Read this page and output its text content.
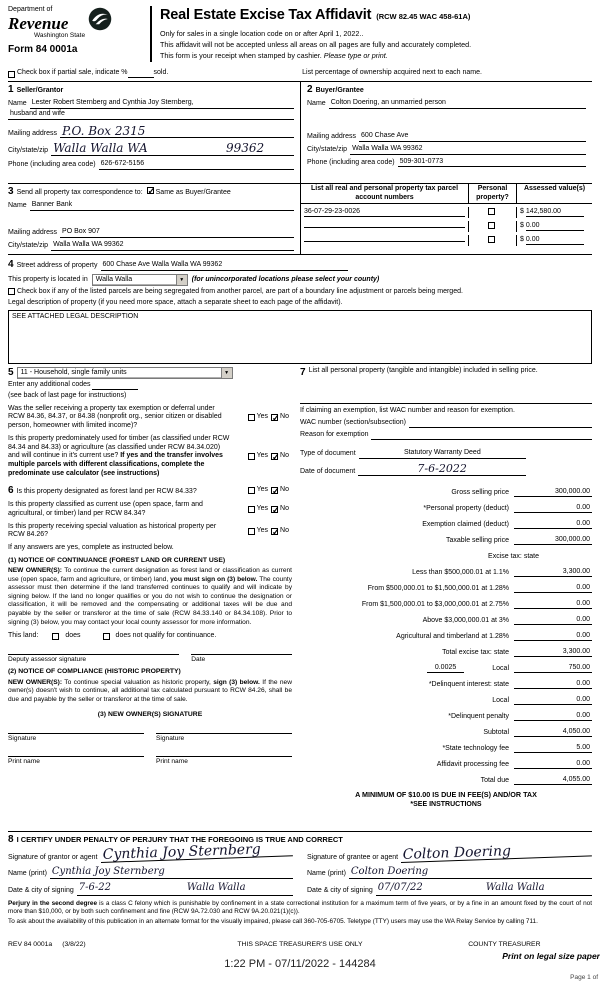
Department of
Revenue
Washington State
Form 84 0001a
Real Estate Excise Tax Affidavit (RCW 82.45 WAC 458-61A)
Only for sales in a single location code on or after April 1, 2022..
This affidavit will not be accepted unless all areas on all pages are fully and accurately completed.
This form is your receipt when stamped by cashier. Please type or print.
Check box if partial sale, indicate %	sold.	List percentage of ownership acquired next to each name.
1 Seller/Grantor
Name Lester Robert Sternberg and Cynthia Joy Sternberg,
husband and wife
Mailing address P.O. Box 2315
City/state/zip Walla Walla WA	99362
Phone (including area code) 626-672-5156
2 Buyer/Grantee
Name Colton Doering, an unmarried person
Mailing address 600 Chase Ave
City/state/zip Walla Walla WA 99362
Phone (including area code) 509-301-0773
3 Send all property tax correspondence to: ✓ Same as Buyer/Grantee
Name Banner Bank
Mailing address PO Box 907
City/state/zip Walla Walla WA 99362
List all real and personal property tax parcel account numbers
Personal property?
Assessed value(s)
36-07-29-23-0026	$ 142,580.00
$ 0.00
$ 0.00
4 Street address of property 600 Chase Ave Walla Walla WA 99362
This property is located in	Walla Walla	▼	(for unincorporated locations please select your county)
Check box if any of the listed parcels are being segregated from another parcel, are part of a boundary line adjustment or parcels being merged.
Legal description of property (if you need more space, attach a separate sheet to each page of the affidavit).
SEE ATTACHED LEGAL DESCRIPTION
5	11 - Household, single family units	▼
Enter any additional codes
(see back of last page for instructions)
Was the seller receiving a property tax exemption or deferral under RCW 84.36, 84.37, or 84.38 (nonprofit org., senior citizen or disabled person, homeowner with limited income)?
Yes ✓ No
Is this property predominately used for timber (as classified under RCW 84.34 and 84.33) or agriculture (as classified under RCW 84.34.020) and will continue in it's current use? If yes and the transfer involves multiple parcels with different classifications, complete the predominate use calculator (see instructions)
Yes ✓ No
6 Is this property designated as forest land per RCW 84.33?	Yes ✓ No
Is this property classified as current use (open space, farm and agricultural, or timber) land per RCW 84.34?
Yes ✓ No
Is this property receiving special valuation as historical property per RCW 84.26?
Yes ✓ No
If any answers are yes, complete as instructed below.
(1) NOTICE OF CONTINUANCE (FOREST LAND OR CURRENT USE)
NEW OWNER(S): To continue the current designation as forest land or classification as current use (open space, farm and agriculture, or timber) land, you must sign on (3) below. The county assessor must then determine if the land transferred continues to qualify and will indicate by signing below. If the land no longer qualifies or you do not wish to continue the designation or classification, it will be removed and the compensating or additional taxes will be due and payable by the seller or transferor at the time of sale (RCW 84.33.140 or 84.34.108). Prior to signing (3) below, you may contact your local county assessor for more information.
This land:	does	does not qualify for continuance.
Deputy assessor signature	Date
(2) NOTICE OF COMPLIANCE (HISTORIC PROPERTY)
NEW OWNER(S): To continue special valuation as historic property, sign (3) below. If the new owner(s) doesn't wish to continue, all additional tax calculated pursuant to RCW 84.26, shall be due and payable by the seller or transferor at the time of sale.
(3) NEW OWNER(S) SIGNATURE
Signature	Signature
Print name	Print name
7 List all personal property (tangible and intangible) included in selling price.
If claiming an exemption, list WAC number and reason for exemption.
WAC number (section/subsection)
Reason for exemption
Type of document	Statutory Warranty Deed
Date of document	7-6-2022
Gross selling price	300,000.00
*Personal property (deduct)	0.00
Exemption claimed (deduct)	0.00
Taxable selling price	300,000.00
Excise tax: state
Less than $500,000.01 at 1.1%	3,300.00
From $500,000.01 to $1,500,000.01 at 1.28%	0.00
From $1,500,000.01 to $3,000,000.01 at 2.75%	0.00
Above $3,000,000.01 at 3%	0.00
Agricultural and timberland at 1.28%	0.00
Total excise tax: state	3,300.00
0.0025	Local	750.00
*Delinquent interest: state	0.00
Local	0.00
*Delinquent penalty	0.00
Subtotal	4,050.00
*State technology fee	5.00
Affidavit processing fee	0.00
Total due	4,055.00
A MINIMUM OF $10.00 IS DUE IN FEE(S) AND/OR TAX
*SEE INSTRUCTIONS
8 I CERTIFY UNDER PENALTY OF PERJURY THAT THE FOREGOING IS TRUE AND CORRECT
Signature of grantor or agent Cynthia Joy Sternberg
Name (print) Cynthia Joy Sternberg
Date & city of signing 7-6-22	Walla Walla
Signature of grantee or agent Colton Doering
Name (print) Colton Doering
Date & city of signing 07/07/22	Walla Walla
Perjury in the second degree is a class C felony which is punishable by confinement in a state correctional institution for a maximum term of five years, or by a fine in an amount fixed by the court of not more than $10,000, or by both such confinement and fine (RCW 9A.72.030 and RCW 9A.20.021(1)(c)).
To ask about the availability of this publication in an alternate format for the visually impaired, please call 360-705-6705. Teletype (TTY) users may use the WA Relay Service by calling 711.
REV 84 0001a (3/8/22)	THIS SPACE TREASURER'S USE ONLY	COUNTY TREASURER
1:22 PM - 07/11/2022 - 144284
Print on legal size paper
Page 1 of
